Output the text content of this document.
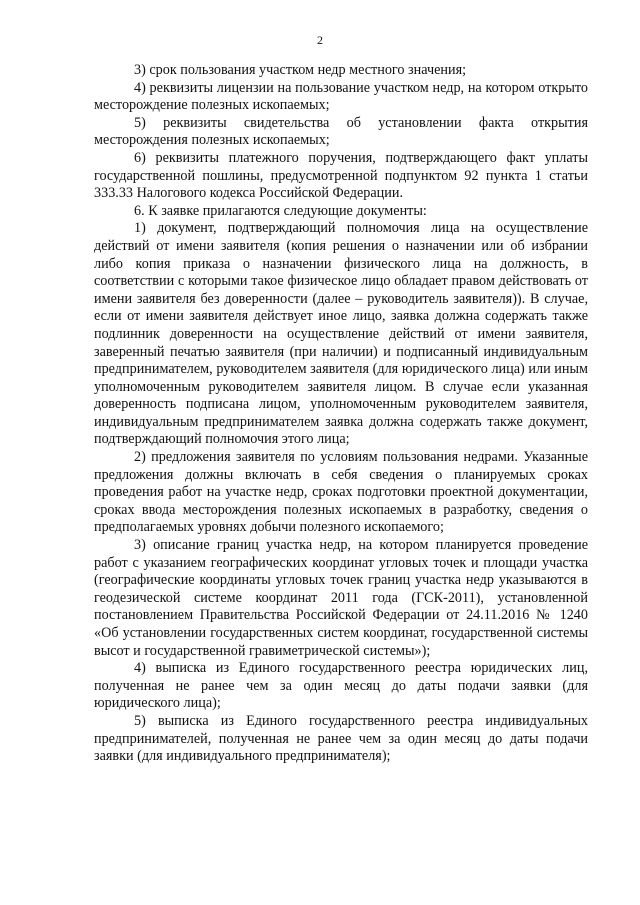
2

3) срок пользования участком недр местного значения;

4) реквизиты лицензии на пользование участком недр, на котором открыто месторождение полезных ископаемых;

5) реквизиты свидетельства об установлении факта открытия месторождения полезных ископаемых;

6) реквизиты платежного поручения, подтверждающего факт уплаты государственной пошлины, предусмотренной подпунктом 92 пункта 1 статьи 333.33 Налогового кодекса Российской Федерации.

6. К заявке прилагаются следующие документы:

1) документ, подтверждающий полномочия лица на осуществление действий от имени заявителя (копия решения о назначении или об избрании либо копия приказа о назначении физического лица на должность, в соответствии с которыми такое физическое лицо обладает правом действовать от имени заявителя без доверенности (далее – руководитель заявителя)). В случае, если от имени заявителя действует иное лицо, заявка должна содержать также подлинник доверенности на осуществление действий от имени заявителя, заверенный печатью заявителя (при наличии) и подписанный индивидуальным предпринимателем, руководителем заявителя (для юридического лица) или иным уполномоченным руководителем заявителя лицом. В случае если указанная доверенность подписана лицом, уполномоченным руководителем заявителя, индивидуальным предпринимателем заявка должна содержать также документ, подтверждающий полномочия этого лица;

2) предложения заявителя по условиям пользования недрами. Указанные предложения должны включать в себя сведения о планируемых сроках проведения работ на участке недр, сроках подготовки проектной документации, сроках ввода месторождения полезных ископаемых в разработку, сведения о предполагаемых уровнях добычи полезного ископаемого;

3) описание границ участка недр, на котором планируется проведение работ с указанием географических координат угловых точек и площади участка (географические координаты угловых точек границ участка недр указываются в геодезической системе координат 2011 года (ГСК-2011), установленной постановлением Правительства Российской Федерации от 24.11.2016 № 1240 «Об установлении государственных систем координат, государственной системы высот и государственной гравиметрической системы»);

4) выписка из Единого государственного реестра юридических лиц, полученная не ранее чем за один месяц до даты подачи заявки (для юридического лица);

5) выписка из Единого государственного реестра индивидуальных предпринимателей, полученная не ранее чем за один месяц до даты подачи заявки (для индивидуального предпринимателя);
